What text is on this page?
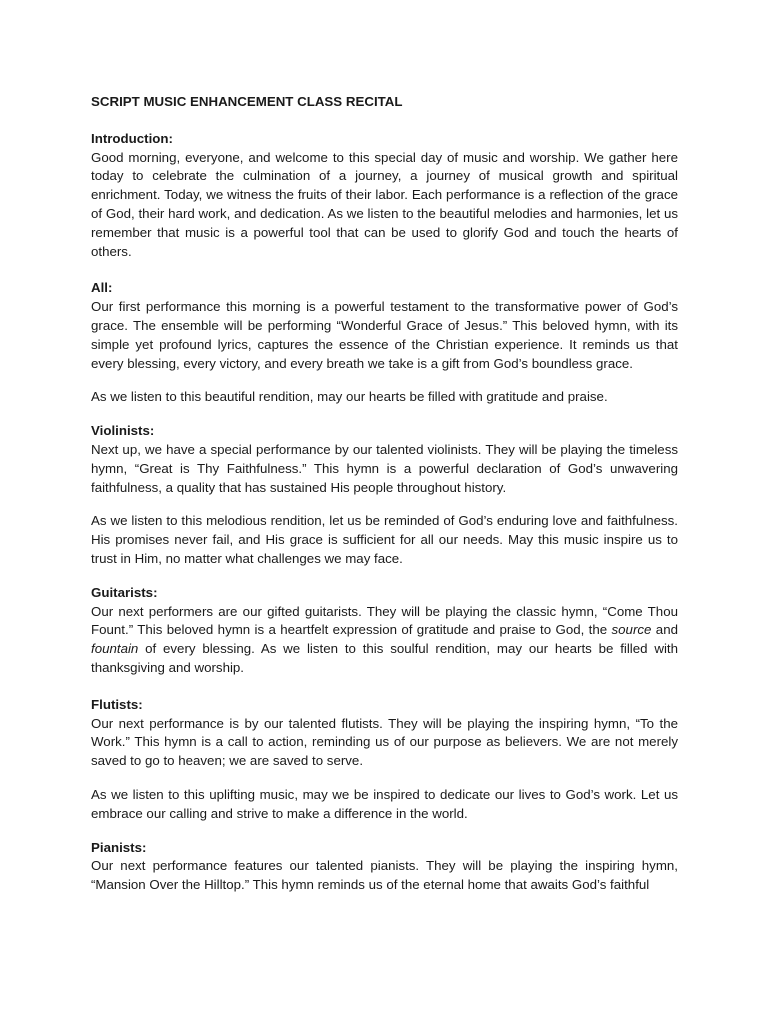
SCRIPT MUSIC ENHANCEMENT CLASS RECITAL

Introduction:

Good morning, everyone, and welcome to this special day of music and worship. We gather here today to celebrate the culmination of a journey, a journey of musical growth and spiritual enrichment. Today, we witness the fruits of their labor. Each performance is a reflection of the grace of God, their hard work, and dedication. As we listen to the beautiful melodies and harmonies, let us remember that music is a powerful tool that can be used to glorify God and touch the hearts of others.

All:

Our first performance this morning is a powerful testament to the transformative power of God’s grace. The ensemble will be performing “Wonderful Grace of Jesus.” This beloved hymn, with its simple yet profound lyrics, captures the essence of the Christian experience. It reminds us that every blessing, every victory, and every breath we take is a gift from God’s boundless grace.

As we listen to this beautiful rendition, may our hearts be filled with gratitude and praise.

Violinists:

Next up, we have a special performance by our talented violinists. They will be playing the timeless hymn, “Great is Thy Faithfulness.” This hymn is a powerful declaration of God’s unwavering faithfulness, a quality that has sustained His people throughout history.

As we listen to this melodious rendition, let us be reminded of God’s enduring love and faithfulness. His promises never fail, and His grace is sufficient for all our needs. May this music inspire us to trust in Him, no matter what challenges we may face.

Guitarists:

Our next performers are our gifted guitarists. They will be playing the classic hymn, “Come Thou Fount.” This beloved hymn is a heartfelt expression of gratitude and praise to God, the source and fountain of every blessing. As we listen to this soulful rendition, may our hearts be filled with thanksgiving and worship.

Flutists:

Our next performance is by our talented flutists. They will be playing the inspiring hymn, “To the Work.” This hymn is a call to action, reminding us of our purpose as believers. We are not merely saved to go to heaven; we are saved to serve.

As we listen to this uplifting music, may we be inspired to dedicate our lives to God’s work. Let us embrace our calling and strive to make a difference in the world.

Pianists:

Our next performance features our talented pianists. They will be playing the inspiring hymn, “Mansion Over the Hilltop.” This hymn reminds us of the eternal home that awaits God’s faithful
